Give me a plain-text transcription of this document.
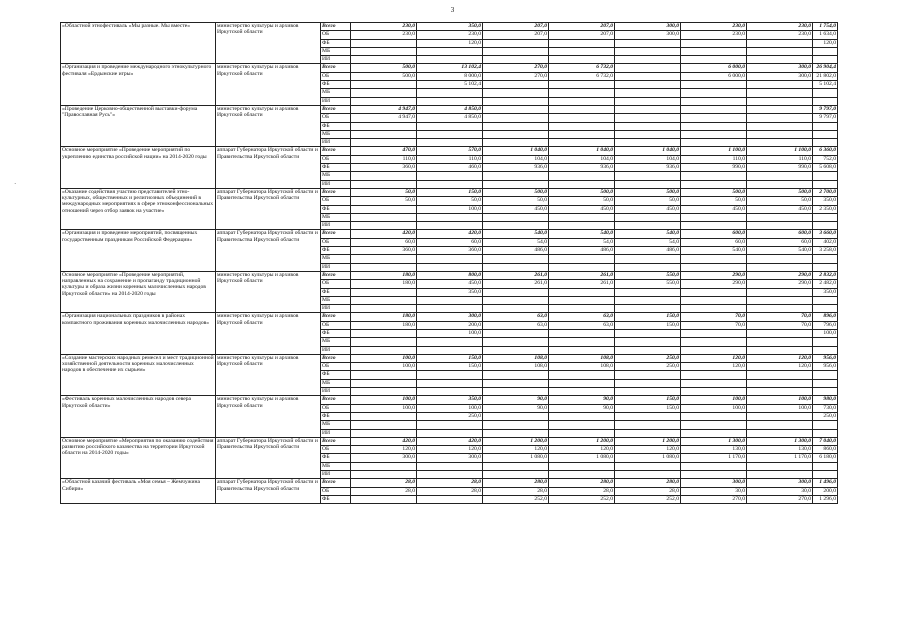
3
·
«Областной этнофестиваль «Мы разные. Мы вместе»	министерство культуры и архивов Иркутской области	Всего	230,0	350,0	207,0	207,0	300,0	230,0	230,0	1 754,0	
		ОБ	230,0	230,0	207,0	207,0	300,0	230,0	230,0	1 634,0	
		ФБ		120,0						120,0	
		МБ									
		ИИ									
«Организация и проведение международного этнокультурного фестиваля «Ердынские игры»	министерство культуры и архивов Иркутской области	Всего	500,0	13 102,4	270,0	6 732,0		6 000,0	300,0	26 904,4	
		ОБ	500,0	8 000,0	270,0	6 732,0		6 000,0	300,0	21 802,0	
		ФБ		5 102,4						5 102,4	
		МБ									
		ИИ									
«Проведение Церковно-общественной выставки-форума "Православная Русь"»	министерство культуры и архивов Иркутской области	Всего	4 947,0	4 850,0						9 797,0	
		ОБ	4 947,0	4 850,0						9 797,0	
		ФБ									
		МБ									
		ИИ									
Основное мероприятие «Проведение мероприятий по укреплению единства российской нации» на 2014-2020 годы	аппарат Губернатора Иркутской области и Правительства Иркутской области	Всего	470,0	570,0	1 040,0	1 040,0	1 040,0	1 100,0	1 100,0	6 360,0	
		ОБ	110,0	110,0	104,0	104,0	104,0	110,0	110,0	752,0	
		ФБ	360,0	460,0	936,0	936,0	936,0	990,0	990,0	5 608,0	
		МБ									
		ИИ									
«Оказание содействия участию представителей этно-культурных, общественных и религиозных объединений в международных мероприятиях в сфере этноконфессиональных отношений через отбор заявок на участие»	аппарат Губернатора Иркутской области и Правительства Иркутской области	Всего	50,0	150,0	500,0	500,0	500,0	500,0	500,0	2 700,0	
		ОБ	50,0	50,0	50,0	50,0	50,0	50,0	50,0	350,0	
		ФБ		100,0	450,0	450,0	450,0	450,0	450,0	2 350,0	
		МБ									
		ИИ									
«Организация и проведение мероприятий, посвященных государственным праздникам Российской Федерации»	аппарат Губернатора Иркутской области и Правительства Иркутской области	Всего	420,0	420,0	540,0	540,0	540,0	600,0	600,0	3 660,0	
		ОБ	60,0	60,0	54,0	54,0	54,0	60,0	60,0	402,0	
		ФБ	360,0	360,0	486,0	486,0	486,0	540,0	540,0	3 258,0	
		МБ									
		ИИ									
Основное мероприятие «Проведение мероприятий, направленных на сохранение и пропаганду традиционной культуры и образа жизни коренных малочисленных народов Иркутской области» на 2014-2020 годы	министерство культуры и архивов Иркутской области	Всего	180,0	800,0	261,0	261,0	550,0	290,0	290,0	2 832,0	
		ОБ	180,0	450,0	261,0	261,0	550,0	290,0	290,0	2 482,0	
		ФБ		350,0						350,0	
		МБ									
		ИИ									
«Организация национальных праздников в районах компактного проживания коренных малочисленных народов»	министерство культуры и архивов Иркутской области	Всего	180,0	300,0	63,0	63,0	150,0	70,0	70,0	896,0	
		ОБ	180,0	200,0	63,0	63,0	150,0	70,0	70,0	796,0	
		ФБ		100,0						100,0	
		МБ									
		ИИ									
«Создание мастерских народных ремесел и мест традиционной хозяйственной деятельности коренных малочисленных народов в обеспечение их сырьем»	министерство культуры и архивов Иркутской области	Всего	100,0	150,0	108,0	108,0	250,0	120,0	120,0	956,0	
		ОБ	100,0	150,0	108,0	108,0	250,0	120,0	120,0	956,0	
		ФБ									
		МБ									
		ИИ									
«Фестиваль коренных малочисленных народов севера Иркутской области»	министерство культуры и архивов Иркутской области	Всего	100,0	350,0	90,0	90,0	150,0	100,0	100,0	980,0	
		ОБ	100,0	100,0	90,0	90,0	150,0	100,0	100,0	730,0	
		ФБ		250,0						250,0	
		МБ									
		ИИ									
Основное мероприятие «Мероприятия по оказанию содействия развитию российского казачества на территории Иркутской области на 2014-2020 годы»	аппарат Губернатора Иркутской области и Правительства Иркутской области	Всего	420,0	420,0	1 200,0	1 200,0	1 200,0	1 300,0	1 300,0	7 040,0	
		ОБ	120,0	120,0	120,0	120,0	120,0	130,0	130,0	860,0	
		ФБ	300,0	300,0	1 080,0	1 080,0	1 080,0	1 170,0	1 170,0	6 180,0	
		МБ									
		ИИ									
«Областной казачий фестиваль «Моя семья – Жемчужина Сибири»	аппарат Губернатора Иркутской области и Правительства Иркутской области	Всего	28,0	28,0	280,0	280,0	280,0	300,0	300,0	1 496,0	
		ОБ	28,0	28,0	28,0	28,0	28,0	30,0	30,0	200,0	
		ФБ			252,0	252,0	252,0	270,0	270,0	1 296,0	
